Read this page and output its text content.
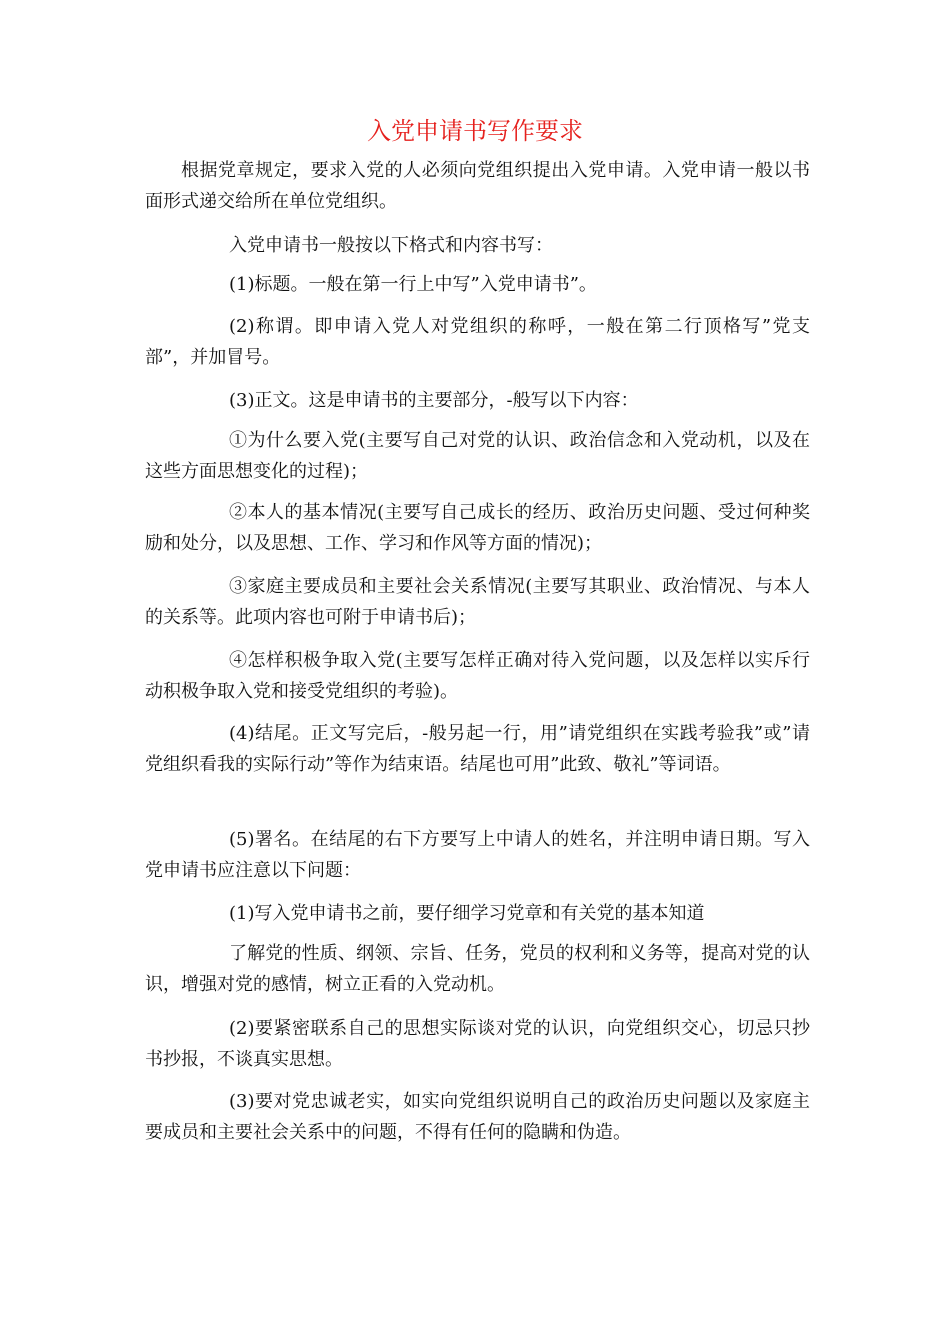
入党申请书写作要求

根据党章规定，要求入党的人必须向党组织提出入党申请。入党申请一般以书面形式递交给所在单位党组织。

入党申请书一般按以下格式和内容书写：

(1)标题。一般在第一行上中写”入党申请书”。

(2)称谓。即申请入党人对党组织的称呼，一般在第二行顶格写”党支部”，并加冒号。

(3)正文。这是申请书的主要部分，-般写以下内容：

①为什么要入党(主要写自己对党的认识、政治信念和入党动机，以及在这些方面思想变化的过程)；

②本人的基本情况(主要写自己成长的经历、政治历史问题、受过何种奖励和处分，以及思想、工作、学习和作风等方面的情况)；

③家庭主要成员和主要社会关系情况(主要写其职业、政治情况、与本人的关系等。此项内容也可附于申请书后)；

④怎样积极争取入党(主要写怎样正确对待入党问题，以及怎样以实斥行动积极争取入党和接受党组织的考验)。

(4)结尾。正文写完后，-般另起一行，用”请党组织在实践考验我”或”请党组织看我的实际行动”等作为结束语。结尾也可用”此致、敬礼”等词语。

(5)署名。在结尾的右下方要写上中请人的姓名，并注明申请日期。写入党申请书应注意以下问题：

(1)写入党申请书之前，要仔细学习党章和有关党的基本知道

了解党的性质、纲领、宗旨、任务，党员的权利和义务等，提高对党的认识，增强对党的感情，树立正看的入党动机。

(2)要紧密联系自己的思想实际谈对党的认识，向党组织交心，切忌只抄书抄报，不谈真实思想。

(3)要对党忠诚老实，如实向党组织说明自己的政治历史问题以及家庭主要成员和主要社会关系中的问题，不得有任何的隐瞒和伪造。
